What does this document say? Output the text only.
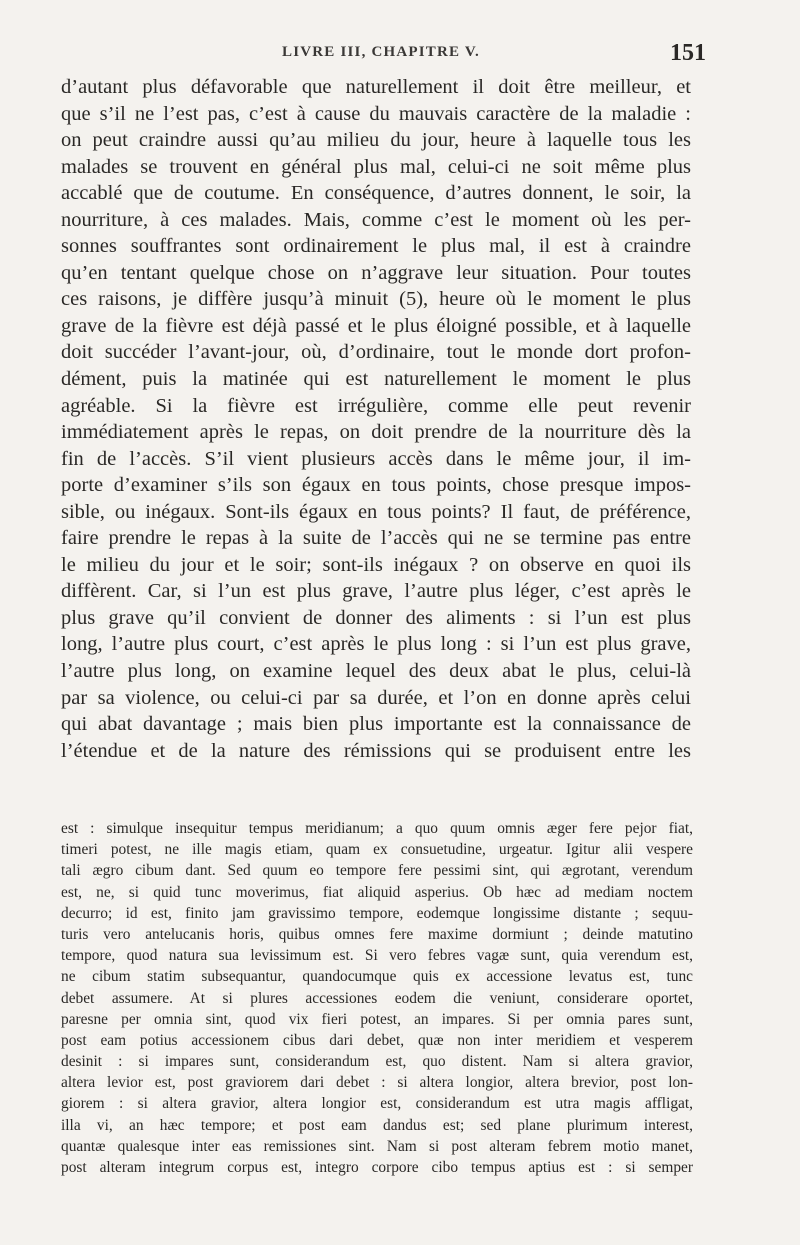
LIVRE III, CHAPITRE V.	151
d’autant plus défavorable que naturellement il doit être meilleur, et
que s’il ne l’est pas, c’est à cause du mauvais caractère de la maladie :
on peut craindre aussi qu’au milieu du jour, heure à laquelle tous les
malades se trouvent en général plus mal, celui-ci ne soit même plus
accablé que de coutume. En conséquence, d’autres donnent, le soir, la
nourriture, à ces malades. Mais, comme c’est le moment où les per-
sonnes souffrantes sont ordinairement le plus mal, il est à craindre
qu’en tentant quelque chose on n’aggrave leur situation. Pour toutes
ces raisons, je diffère jusqu’à minuit (5), heure où le moment le plus
grave de la fièvre est déjà passé et le plus éloigné possible, et à laquelle
doit succéder l’avant-jour, où, d’ordinaire, tout le monde dort profon-
dément, puis la matinée qui est naturellement le moment le plus
agréable. Si la fièvre est irrégulière, comme elle peut revenir
immédiatement après le repas, on doit prendre de la nourriture dès la
fin de l’accès. S’il vient plusieurs accès dans le même jour, il im-
porte d’examiner s’ils son égaux en tous points, chose presque impos-
sible, ou inégaux. Sont-ils égaux en tous points? Il faut, de préférence,
faire prendre le repas à la suite de l’accès qui ne se termine pas entre
le milieu du jour et le soir; sont-ils inégaux ? on observe en quoi ils
diffèrent. Car, si l’un est plus grave, l’autre plus léger, c’est après le
plus grave qu’il convient de donner des aliments : si l’un est plus
long, l’autre plus court, c’est après le plus long : si l’un est plus grave,
l’autre plus long, on examine lequel des deux abat le plus, celui-là
par sa violence, ou celui-ci par sa durée, et l’on en donne après celui
qui abat davantage ; mais bien plus importante est la connaissance de
l’étendue et de la nature des rémissions qui se produisent entre les
est : simulque insequitur tempus meridianum; a quo quum omnis æger fere pejor fiat,
timeri potest, ne ille magis etiam, quam ex consuetudine, urgeatur. Igitur alii vespere
tali ægro cibum dant. Sed quum eo tempore fere pessimi sint, qui ægrotant, verendum
est, ne, si quid tunc moverimus, fiat aliquid asperius. Ob hæc ad mediam noctem
decurro; id est, finito jam gravissimo tempore, eodemque longissime distante ; sequu-
turis vero antelucanis horis, quibus omnes fere maxime dormiunt ; deinde matutino
tempore, quod natura sua levissimum est. Si vero febres vagæ sunt, quia verendum est,
ne cibum statim subsequantur, quandocumque quis ex accessione levatus est, tunc
debet assumere. At si plures accessiones eodem die veniunt, considerare oportet,
paresne per omnia sint, quod vix fieri potest, an impares. Si per omnia pares sunt,
post eam potius accessionem cibus dari debet, quæ non inter meridiem et vesperem
desinit : si impares sunt, considerandum est, quo distent. Nam si altera gravior,
altera levior est, post graviorem dari debet : si altera longior, altera brevior, post lon-
giorem : si altera gravior, altera longior est, considerandum est utra magis affligat,
illa vi, an hæc tempore; et post eam dandus est; sed plane plurimum interest,
quantæ qualesque inter eas remissiones sint. Nam si post alteram febrem motio manet,
post alteram integrum corpus est, integro corpore cibo tempus aptius est : si semper
